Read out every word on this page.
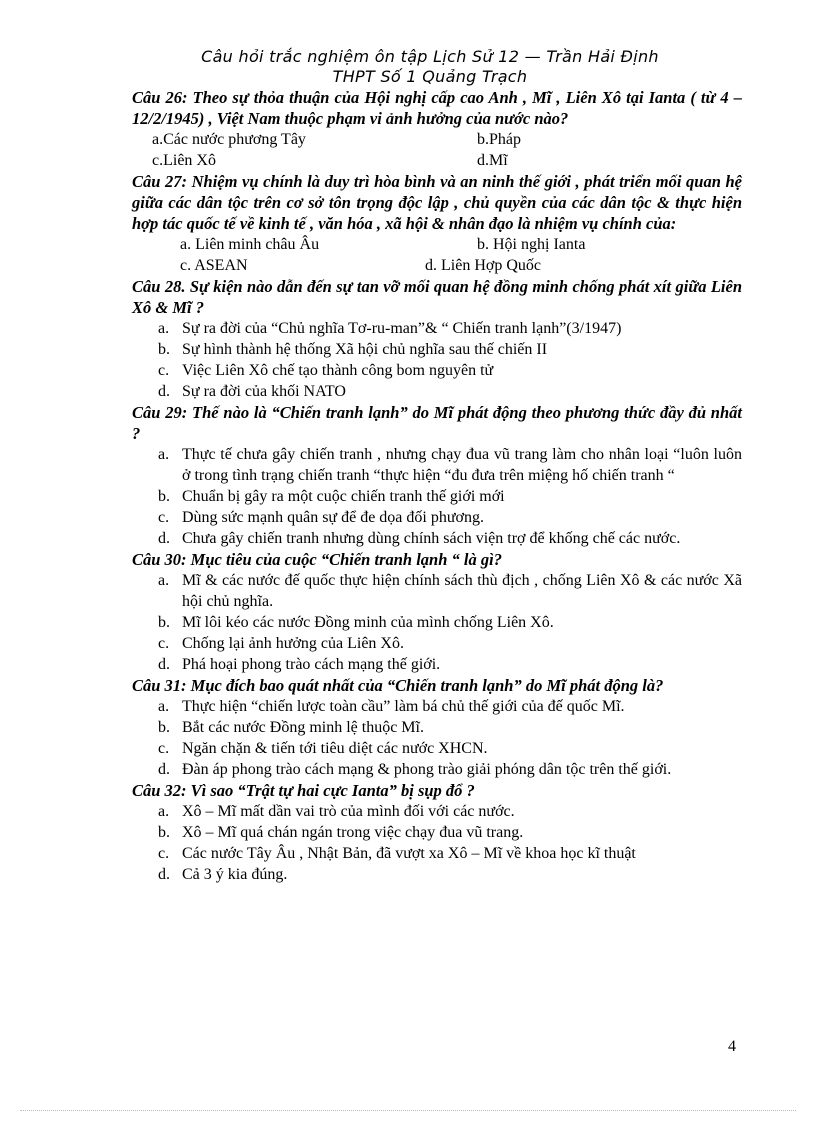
Câu hỏi trắc nghiệm ôn tập Lịch Sử 12 — Trần Hải Định
THPT Số 1 Quảng Trạch

Câu 26: Theo sự thỏa thuận của Hội nghị cấp cao Anh , Mĩ , Liên Xô tại Ianta ( từ 4 – 12/2/1945) , Việt Nam thuộc phạm vi ảnh hưởng của nước nào?

a.Các nước phương Tây	b.Pháp
c.Liên Xô	d.Mĩ

Câu 27: Nhiệm vụ chính là duy trì hòa bình và an ninh thế giới , phát triển mối quan hệ giữa các dân tộc trên cơ sở tôn trọng độc lập , chủ quyền của các dân tộc & thực hiện hợp tác quốc tế về kinh tế , văn hóa , xã hội & nhân đạo là nhiệm vụ chính của:

a. Liên minh châu Âu	b. Hội nghị Ianta
c. ASEAN	d. Liên Hợp Quốc

Câu 28. Sự kiện nào dẫn đến sự tan vỡ mối quan hệ đồng minh chống phát xít giữa Liên Xô & Mĩ ?

a. Sự ra đời của “Chủ nghĩa Tơ-ru-man”& “ Chiến tranh lạnh”(3/1947)
b. Sự hình thành hệ thống Xã hội chủ nghĩa sau thế chiến II
c. Việc Liên Xô chế tạo thành công bom nguyên tử
d. Sự ra đời của khối NATO

Câu 29: Thế nào là “Chiến tranh lạnh” do Mĩ phát động theo phương thức đầy đủ nhất ?

a. Thực tế chưa gây chiến tranh , nhưng chạy đua vũ trang làm cho nhân loại “luôn luôn ở trong tình trạng chiến tranh “thực hiện “đu đưa trên miệng hố chiến tranh “
b. Chuẩn bị gây ra một cuộc chiến tranh thế giới mới
c. Dùng sức mạnh quân sự để đe dọa đối phương.
d. Chưa gây chiến tranh nhưng dùng chính sách viện trợ để khống chế các nước.

Câu 30: Mục tiêu của cuộc “Chiến tranh lạnh “ là gì?

a. Mĩ & các nước đế quốc thực hiện chính sách thù địch , chống Liên Xô & các nước Xã hội chủ nghĩa.
b. Mĩ lôi kéo các nước Đồng minh của mình chống Liên Xô.
c. Chống lại ảnh hưởng của Liên Xô.
d. Phá hoại phong trào cách mạng thế giới.

Câu 31: Mục đích bao quát nhất của “Chiến tranh lạnh” do Mĩ phát động là?

a. Thực hiện “chiến lược toàn cầu” làm bá chủ thế giới của đế quốc Mĩ.
b. Bắt các nước Đồng minh lệ thuộc Mĩ.
c. Ngăn chặn & tiến tới tiêu diệt các nước XHCN.
d. Đàn áp phong trào cách mạng & phong trào giải phóng dân tộc trên thế giới.

Câu 32: Vì sao “Trật tự hai cực Ianta” bị sụp đổ ?

a. Xô – Mĩ mất dần vai trò của mình đối với các nước.
b. Xô – Mĩ quá chán ngán trong việc chạy đua vũ trang.
c. Các nước Tây Âu , Nhật Bản, đã vượt xa Xô – Mĩ về khoa học kĩ thuật
d. Cả 3 ý kia đúng.
4
